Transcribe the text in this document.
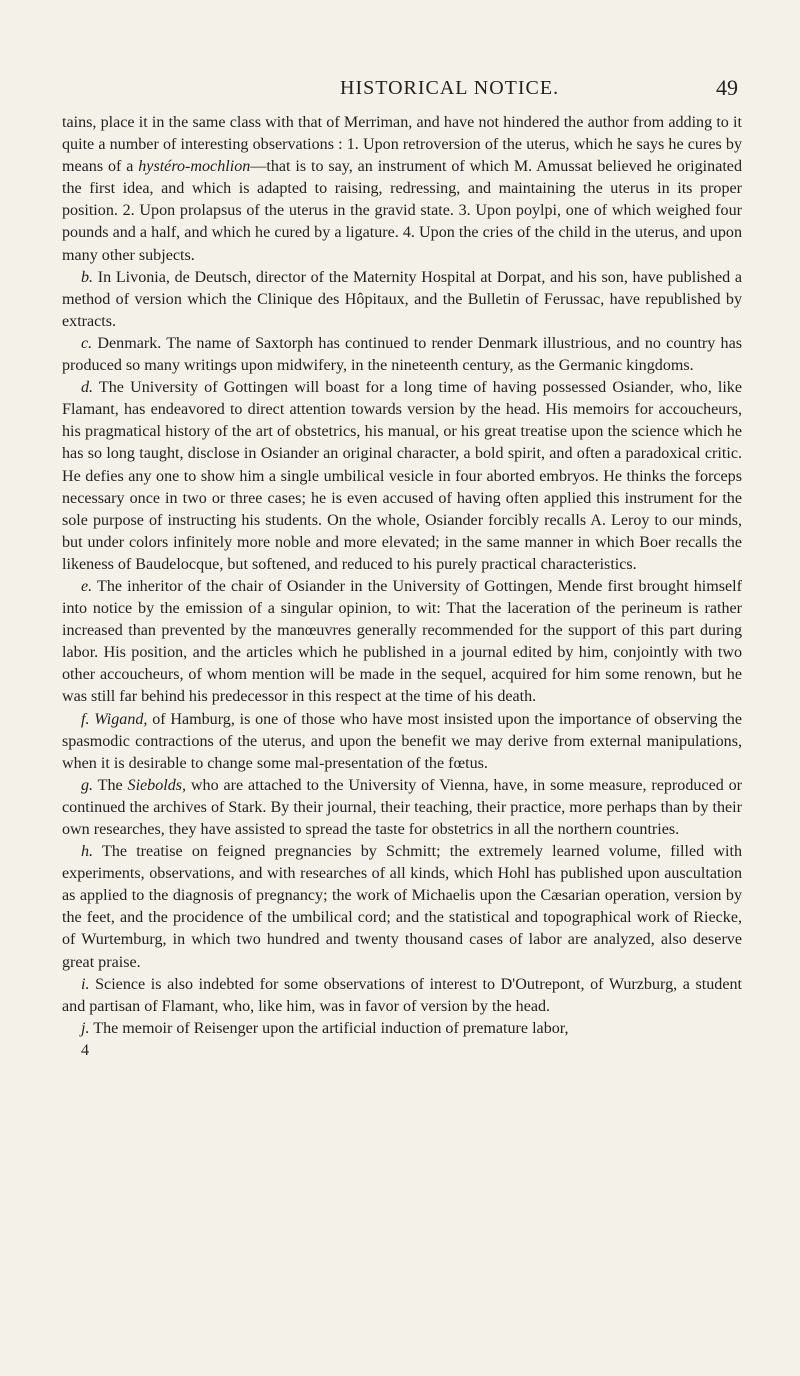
HISTORICAL NOTICE.	49

tains, place it in the same class with that of Merriman, and have not hindered the author from adding to it quite a number of interesting observations : 1. Upon retroversion of the uterus, which he says he cures by means of a hystéro-mochlion—that is to say, an instrument of which M. Amussat believed he originated the first idea, and which is adapted to raising, redressing, and maintaining the uterus in its proper position. 2. Upon prolapsus of the uterus in the gravid state. 3. Upon poylpi, one of which weighed four pounds and a half, and which he cured by a ligature. 4. Upon the cries of the child in the uterus, and upon many other subjects.

b. In Livonia, de Deutsch, director of the Maternity Hospital at Dorpat, and his son, have published a method of version which the Clinique des Hôpitaux, and the Bulletin of Ferussac, have republished by extracts.

c. Denmark. The name of Saxtorph has continued to render Denmark illustrious, and no country has produced so many writings upon midwifery, in the nineteenth century, as the Germanic kingdoms.

d. The University of Gottingen will boast for a long time of having possessed Osiander, who, like Flamant, has endeavored to direct attention towards version by the head. His memoirs for accoucheurs, his pragmatical history of the art of obstetrics, his manual, or his great treatise upon the science which he has so long taught, disclose in Osiander an original character, a bold spirit, and often a paradoxical critic. He defies any one to show him a single umbilical vesicle in four aborted embryos. He thinks the forceps necessary once in two or three cases; he is even accused of having often applied this instrument for the sole purpose of instructing his students. On the whole, Osiander forcibly recalls A. Leroy to our minds, but under colors infinitely more noble and more elevated; in the same manner in which Boer recalls the likeness of Baudelocque, but softened, and reduced to his purely practical characteristics.

e. The inheritor of the chair of Osiander in the University of Gottingen, Mende first brought himself into notice by the emission of a singular opinion, to wit: That the laceration of the perineum is rather increased than prevented by the manœuvres generally recommended for the support of this part during labor. His position, and the articles which he published in a journal edited by him, conjointly with two other accoucheurs, of whom mention will be made in the sequel, acquired for him some renown, but he was still far behind his predecessor in this respect at the time of his death.

f. Wigand, of Hamburg, is one of those who have most insisted upon the importance of observing the spasmodic contractions of the uterus, and upon the benefit we may derive from external manipulations, when it is desirable to change some mal-presentation of the fœtus.

g. The Siebolds, who are attached to the University of Vienna, have, in some measure, reproduced or continued the archives of Stark. By their journal, their teaching, their practice, more perhaps than by their own researches, they have assisted to spread the taste for obstetrics in all the northern countries.

h. The treatise on feigned pregnancies by Schmitt; the extremely learned volume, filled with experiments, observations, and with researches of all kinds, which Hohl has published upon auscultation as applied to the diagnosis of pregnancy; the work of Michaelis upon the Cæsarian operation, version by the feet, and the procidence of the umbilical cord; and the statistical and topographical work of Riecke, of Wurtemburg, in which two hundred and twenty thousand cases of labor are analyzed, also deserve great praise.

i. Science is also indebted for some observations of interest to D'Outrepont, of Wurzburg, a student and partisan of Flamant, who, like him, was in favor of version by the head.

j. The memoir of Reisenger upon the artificial induction of premature labor,

4
